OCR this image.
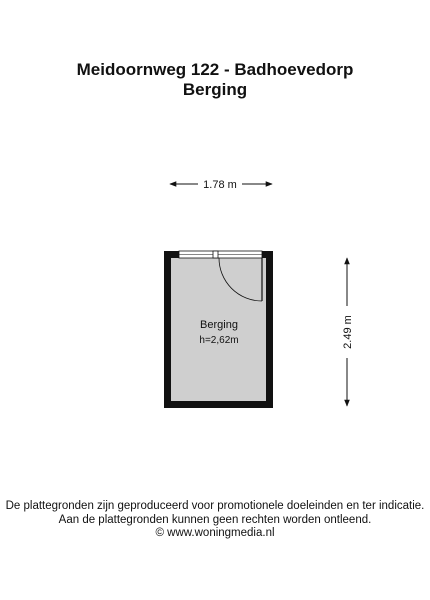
Meidoornweg 122 - Badhoevedorp
Berging
1.78 m
2.49 m
Berging
h=2,62m
De plattegronden zijn geproduceerd voor promotionele doeleinden en ter indicatie.
Aan de plattegronden kunnen geen rechten worden ontleend.
© www.woningmedia.nl
